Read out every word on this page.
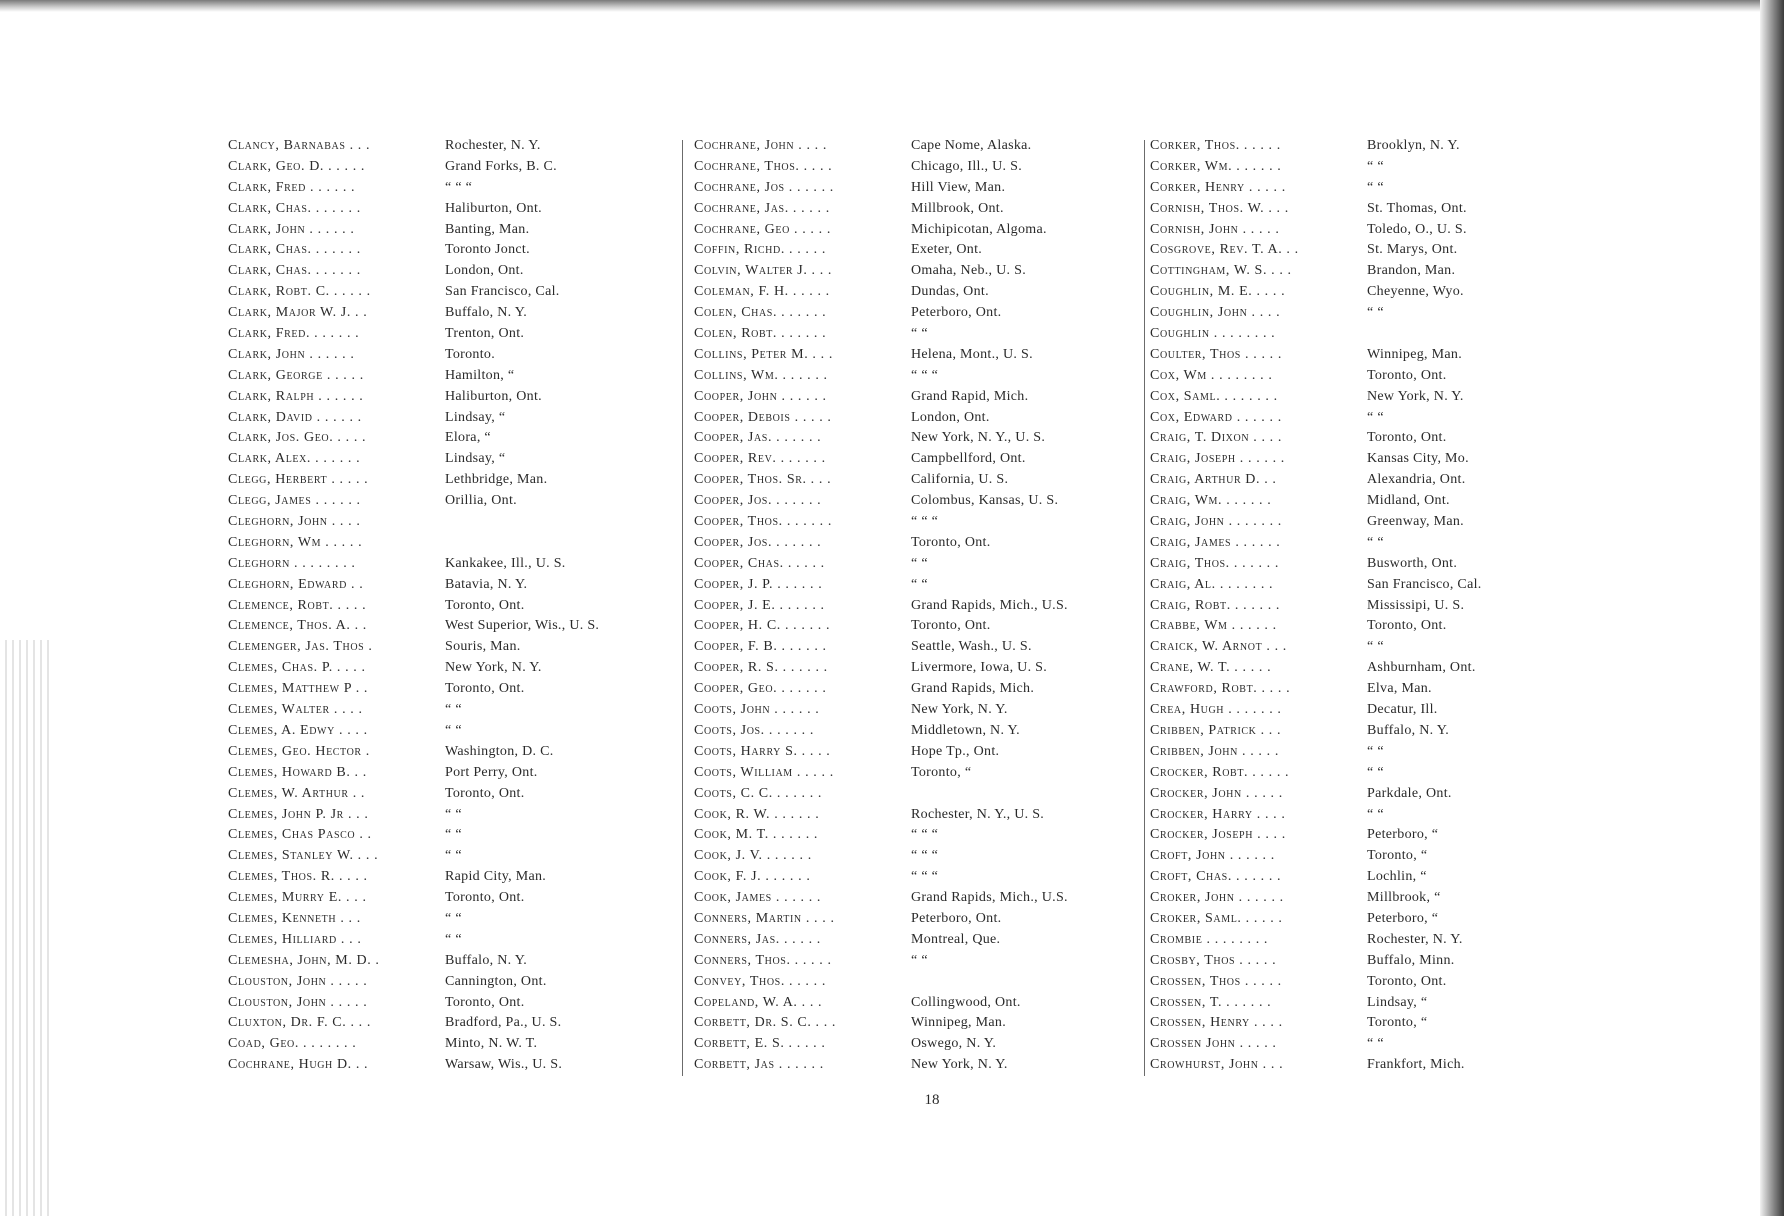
Clancy, Barnabas . . .	Rochester, N. Y.
Clark, Geo. D. . . . . .	Grand Forks, B. C.
Clark, Fred . . . . . .	“ “ “
Clark, Chas. . . . . . .	Haliburton, Ont.
Clark, John . . . . . .	Banting, Man.
Clark, Chas. . . . . . .	Toronto Jonct.
Clark, Chas. . . . . . .	London, Ont.
Clark, Robt. C. . . . . .	San Francisco, Cal.
Clark, Major W. J. . .	Buffalo, N. Y.
Clark, Fred. . . . . . .	Trenton, Ont.
Clark, John . . . . . .	Toronto.
Clark, George . . . . .	Hamilton, “
Clark, Ralph . . . . . .	Haliburton, Ont.
Clark, David . . . . . .	Lindsay, “
Clark, Jos. Geo. . . . .	Elora, “
Clark, Alex. . . . . . .	Lindsay, “
Clegg, Herbert . . . . .	Lethbridge, Man.
Clegg, James . . . . . .	Orillia, Ont.
Cleghorn, John . . . .
Cleghorn, Wm . . . . .
Cleghorn . . . . . . . .	Kankakee, Ill., U. S.
Cleghorn, Edward . .	Batavia, N. Y.
Clemence, Robt. . . . .	Toronto, Ont.
Clemence, Thos. A. . .	West Superior, Wis., U. S.
Clemenger, Jas. Thos .	Souris, Man.
Clemes, Chas. P. . . . .	New York, N. Y.
Clemes, Matthew P . .	Toronto, Ont.
Clemes, Walter . . . .	“ “
Clemes, A. Edwy . . . .	“ “
Clemes, Geo. Hector .	Washington, D. C.
Clemes, Howard B. . .	Port Perry, Ont.
Clemes, W. Arthur . .	Toronto, Ont.
Clemes, John P. Jr . . .	“ “
Clemes, Chas Pasco . .	“ “
Clemes, Stanley W. . . .	“ “
Clemes, Thos. R. . . . .	Rapid City, Man.
Clemes, Murry E. . . .	Toronto, Ont.
Clemes, Kenneth . . .	“ “
Clemes, Hilliard . . .	“ “
Clemesha, John, M. D. .	Buffalo, N. Y.
Clouston, John . . . . .	Cannington, Ont.
Clouston, John . . . . .	Toronto, Ont.
Cluxton, Dr. F. C. . . .	Bradford, Pa., U. S.
Coad, Geo. . . . . . . .	Minto, N. W. T.
Cochrane, Hugh D. . .	Warsaw, Wis., U. S.
Cochrane, John . . . .	Cape Nome, Alaska.
Cochrane, Thos. . . . .	Chicago, Ill., U. S.
Cochrane, Jos . . . . . .	Hill View, Man.
Cochrane, Jas. . . . . .	Millbrook, Ont.
Cochrane, Geo . . . . .	Michipicotan, Algoma.
Coffin, Richd. . . . . .	Exeter, Ont.
Colvin, Walter J. . . .	Omaha, Neb., U. S.
Coleman, F. H. . . . . .	Dundas, Ont.
Colen, Chas. . . . . . .	Peterboro, Ont.
Colen, Robt. . . . . . .	“ “
Collins, Peter M. . . .	Helena, Mont., U. S.
Collins, Wm. . . . . . .	“ “ “
Cooper, John . . . . . .	Grand Rapid, Mich.
Cooper, Debois . . . . .	London, Ont.
Cooper, Jas. . . . . . .	New York, N. Y., U. S.
Cooper, Rev. . . . . . .	Campbellford, Ont.
Cooper, Thos. Sr. . . .	California, U. S.
Cooper, Jos. . . . . . .	Colombus, Kansas, U. S.
Cooper, Thos. . . . . . .	“ “ “
Cooper, Jos. . . . . . .	Toronto, Ont.
Cooper, Chas. . . . . .	“ “
Cooper, J. P. . . . . . .	“ “
Cooper, J. E. . . . . . .	Grand Rapids, Mich., U.S.
Cooper, H. C. . . . . . .	Toronto, Ont.
Cooper, F. B. . . . . . .	Seattle, Wash., U. S.
Cooper, R. S. . . . . . .	Livermore, Iowa, U. S.
Cooper, Geo. . . . . . .	Grand Rapids, Mich.
Coots, John . . . . . .	New York, N. Y.
Coots, Jos. . . . . . .	Middletown, N. Y.
Coots, Harry S. . . . .	Hope Tp., Ont.
Coots, William . . . . .	Toronto, “
Coots, C. C. . . . . . .
Cook, R. W. . . . . . .	Rochester, N. Y., U. S.
Cook, M. T. . . . . . .	“ “ “
Cook, J. V. . . . . . .	“ “ “
Cook, F. J. . . . . . .	“ “ “
Cook, James . . . . . .	Grand Rapids, Mich., U.S.
Conners, Martin . . . .	Peterboro, Ont.
Conners, Jas. . . . . .	Montreal, Que.
Conners, Thos. . . . . .	“ “
Convey, Thos. . . . . .
Copeland, W. A. . . .	Collingwood, Ont.
Corbett, Dr. S. C. . . .	Winnipeg, Man.
Corbett, E. S. . . . . .	Oswego, N. Y.
Corbett, Jas . . . . . .	New York, N. Y.
Corker, Thos. . . . . .	Brooklyn, N. Y.
Corker, Wm. . . . . . .	“ “
Corker, Henry . . . . .	“ “
Cornish, Thos. W. . . .	St. Thomas, Ont.
Cornish, John . . . . .	Toledo, O., U. S.
Cosgrove, Rev. T. A. . .	St. Marys, Ont.
Cottingham, W. S. . . .	Brandon, Man.
Coughlin, M. E. . . . .	Cheyenne, Wyo.
Coughlin, John . . . .	“ “
Coughlin . . . . . . . .
Coulter, Thos . . . . .	Winnipeg, Man.
Cox, Wm . . . . . . . .	Toronto, Ont.
Cox, Saml. . . . . . . .	New York, N. Y.
Cox, Edward . . . . . .	“ “
Craig, T. Dixon . . . .	Toronto, Ont.
Craig, Joseph . . . . . .	Kansas City, Mo.
Craig, Arthur D. . .	Alexandria, Ont.
Craig, Wm. . . . . . .	Midland, Ont.
Craig, John . . . . . . .	Greenway, Man.
Craig, James . . . . . .	“ “
Craig, Thos. . . . . . .	Busworth, Ont.
Craig, Al. . . . . . . .	San Francisco, Cal.
Craig, Robt. . . . . . .	Mississipi, U. S.
Crabbe, Wm . . . . . .	Toronto, Ont.
Craick, W. Arnot . . .	“ “
Crane, W. T. . . . . .	Ashburnham, Ont.
Crawford, Robt. . . . .	Elva, Man.
Crea, Hugh . . . . . . .	Decatur, Ill.
Cribben, Patrick . . .	Buffalo, N. Y.
Cribben, John . . . . .	“ “
Crocker, Robt. . . . . .	“ “
Crocker, John . . . . .	Parkdale, Ont.
Crocker, Harry . . . .	“ “
Crocker, Joseph . . . .	Peterboro, “
Croft, John . . . . . .	Toronto, “
Croft, Chas. . . . . . .	Lochlin, “
Croker, John . . . . . .	Millbrook, “
Croker, Saml. . . . . .	Peterboro, “
Crombie . . . . . . . .	Rochester, N. Y.
Crosby, Thos . . . . .	Buffalo, Minn.
Crossen, Thos . . . . .	Toronto, Ont.
Crossen, T. . . . . . .	Lindsay, “
Crossen, Henry . . . .	Toronto, “
Crossen John . . . . .	“ “
Crowhurst, John . . .	Frankfort, Mich.
18
